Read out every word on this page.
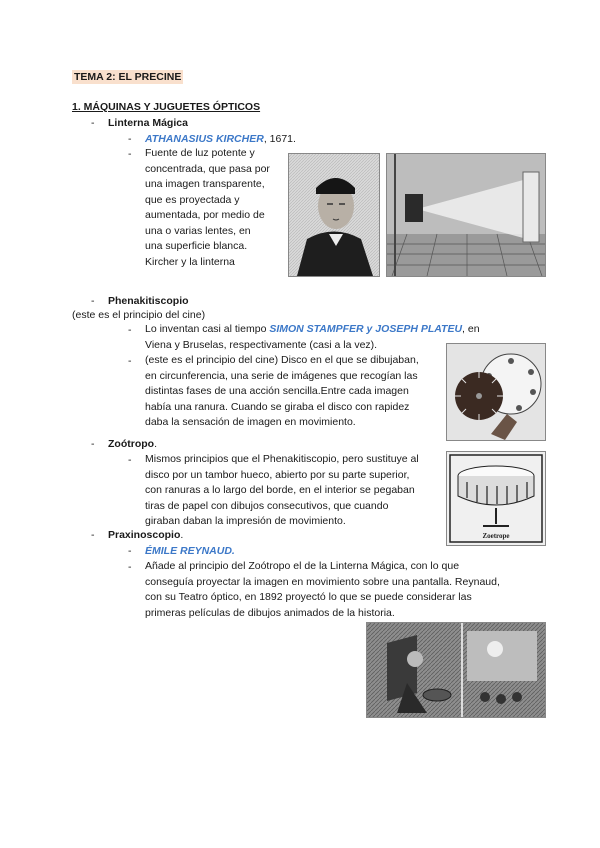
TEMA 2: EL PRECINE
1. MÁQUINAS Y JUGUETES ÓPTICOS
- Linterna Mágica
- ATHANASIUS KIRCHER, 1671.
- Fuente de luz potente y
concentrada, que pasa por
una imagen transparente,
que es proyectada y
aumentada, por medio de
una o varias lentes, en
una superficie blanca.
Kircher y la linterna
- Phenakitiscopio
(este es el principio del cine)
- Lo inventan casi al tiempo SIMON STAMPFER y JOSEPH PLATEU, en
Viena y Bruselas, respectivamente (casi a la vez).
- (este es el principio del cine) Disco en el que se dibujaban,
en circunferencia, una serie de imágenes que recogían las
distintas fases de una acción sencilla.Entre cada imagen
había una ranura. Cuando se giraba el disco con rapidez
daba la sensación de imagen en movimiento.
- Zoótropo.
- Mismos principios que el Phenakitiscopio, pero sustituye al
disco por un tambor hueco, abierto por su parte superior,
con ranuras a lo largo del borde, en el interior se pegaban
tiras de papel con dibujos consecutivos, que cuando
giraban daban la impresión de movimiento.
Zoetrope
- Praxinoscopio.
- ÉMILE REYNAUD.
- Añade al principio del Zoótropo el de la Linterna Mágica, con lo que
conseguía proyectar la imagen en movimiento sobre una pantalla. Reynaud,
con su Teatro óptico, en 1892 proyectó lo que se puede considerar las
primeras películas de dibujos animados de la historia.
